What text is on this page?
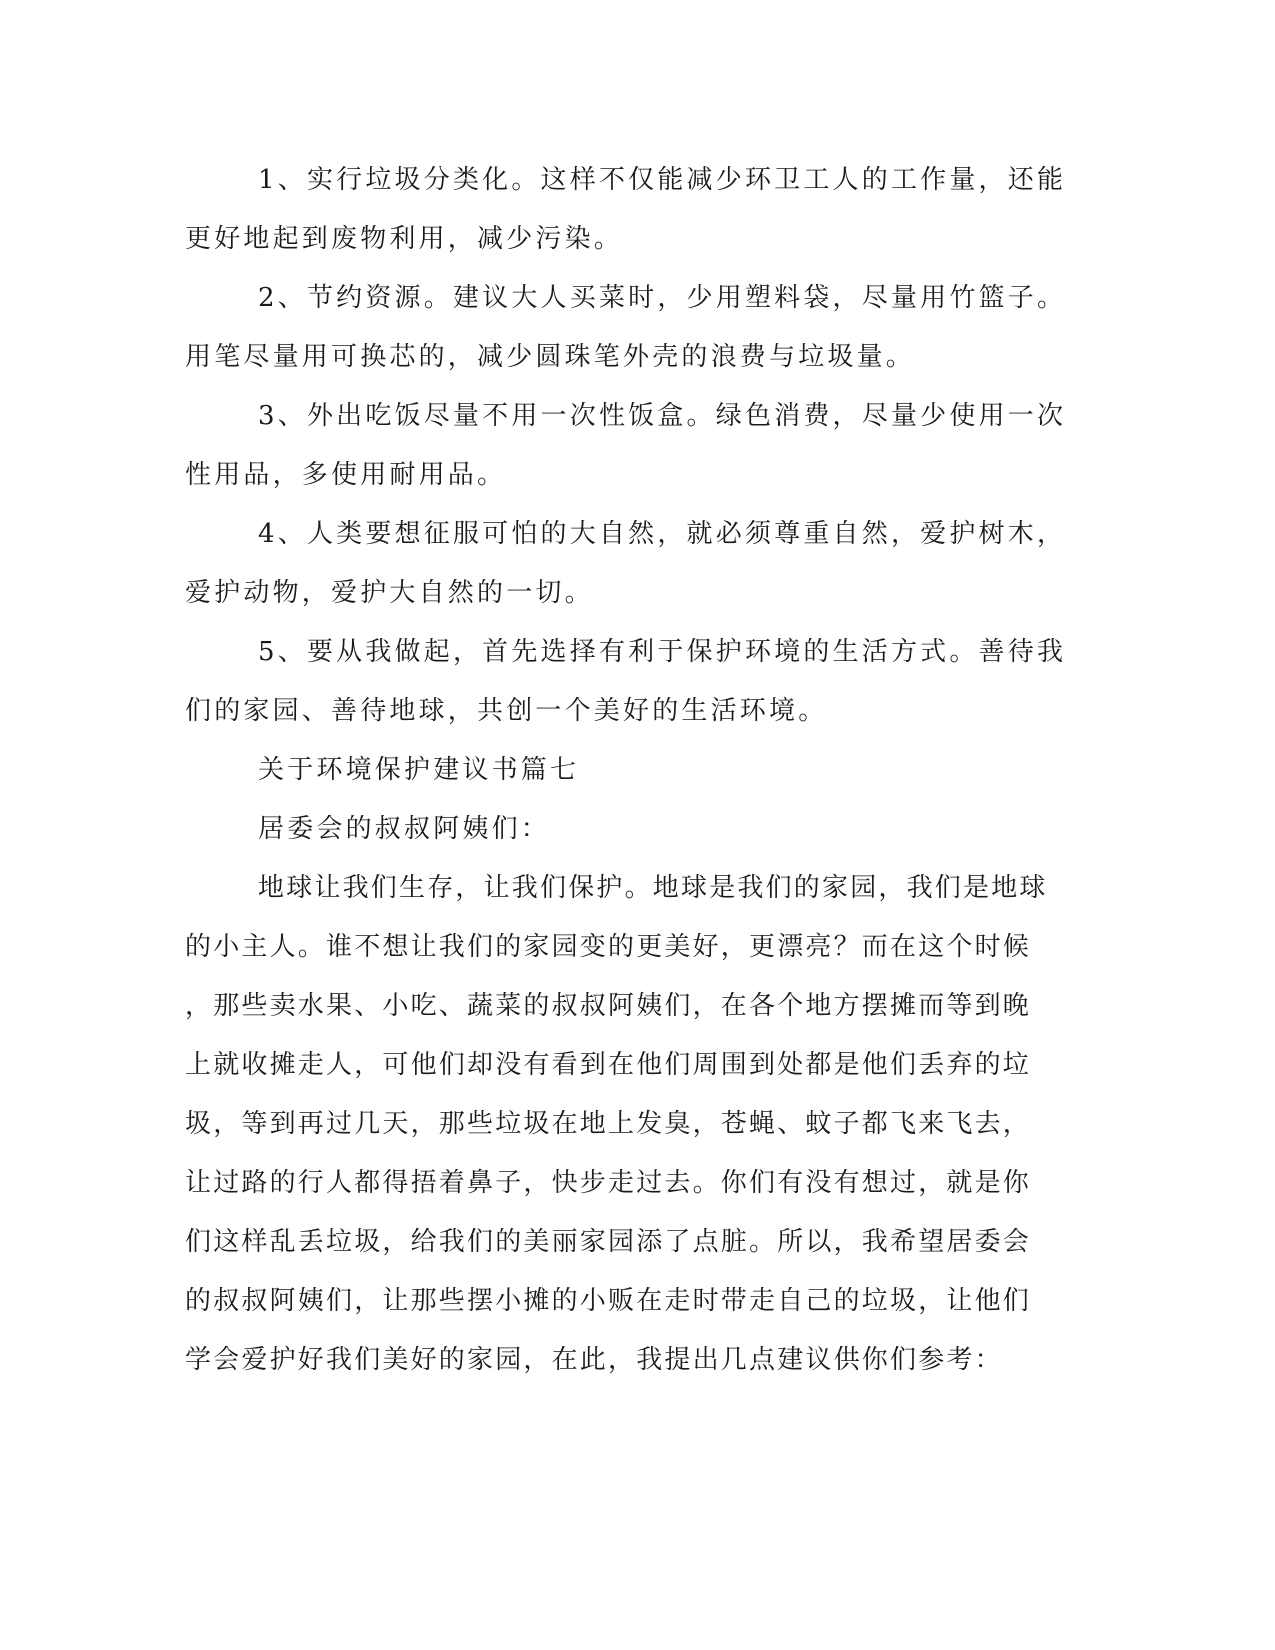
1、实行垃圾分类化。这样不仅能减少环卫工人的工作量，还能
更好地起到废物利用，减少污染。
2、节约资源。建议大人买菜时，少用塑料袋，尽量用竹篮子。
用笔尽量用可换芯的，减少圆珠笔外壳的浪费与垃圾量。
3、外出吃饭尽量不用一次性饭盒。绿色消费，尽量少使用一次
性用品，多使用耐用品。
4、人类要想征服可怕的大自然，就必须尊重自然，爱护树木，
爱护动物，爱护大自然的一切。
5、要从我做起，首先选择有利于保护环境的生活方式。善待我
们的家园、善待地球，共创一个美好的生活环境。
关于环境保护建议书篇七
居委会的叔叔阿姨们：
地球让我们生存，让我们保护。地球是我们的家园，我们是地球
的小主人。谁不想让我们的家园变的更美好，更漂亮？而在这个时候
，那些卖水果、小吃、蔬菜的叔叔阿姨们，在各个地方摆摊而等到晚
上就收摊走人，可他们却没有看到在他们周围到处都是他们丢弃的垃
圾，等到再过几天，那些垃圾在地上发臭，苍蝇、蚊子都飞来飞去，
让过路的行人都得捂着鼻子，快步走过去。你们有没有想过，就是你
们这样乱丢垃圾，给我们的美丽家园添了点脏。所以，我希望居委会
的叔叔阿姨们，让那些摆小摊的小贩在走时带走自己的垃圾，让他们
学会爱护好我们美好的家园，在此，我提出几点建议供你们参考：
